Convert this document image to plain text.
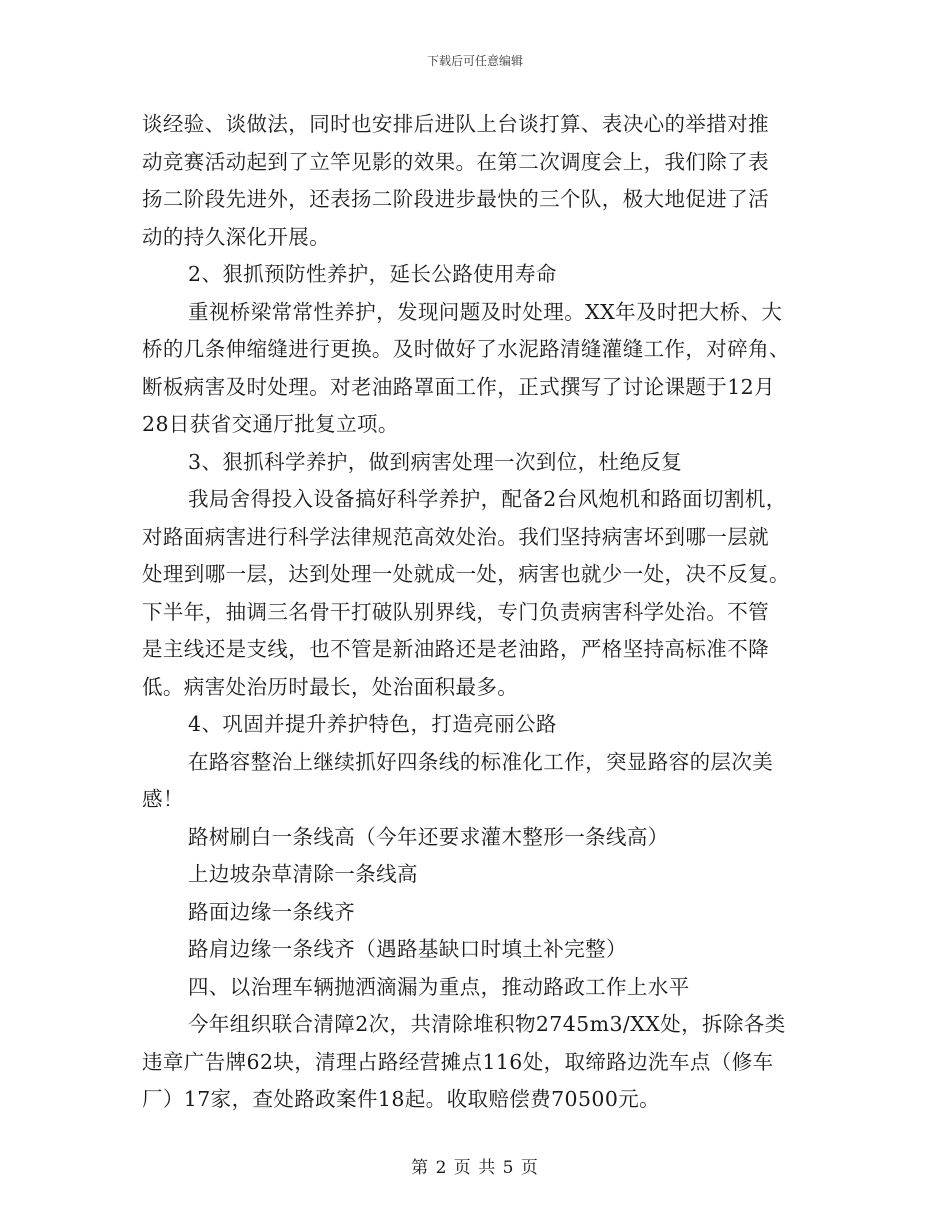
下载后可任意编辑
谈经验、谈做法，同时也安排后进队上台谈打算、表决心的举措对推
动竞赛活动起到了立竿见影的效果。在第二次调度会上，我们除了表
扬二阶段先进外，还表扬二阶段进步最快的三个队，极大地促进了活
动的持久深化开展。
2、狠抓预防性养护，延长公路使用寿命
重视桥梁常常性养护，发现问题及时处理。XX年及时把大桥、大
桥的几条伸缩缝进行更换。及时做好了水泥路清缝灌缝工作，对碎角、
断板病害及时处理。对老油路罩面工作，正式撰写了讨论课题于12月
28日获省交通厅批复立项。
3、狠抓科学养护，做到病害处理一次到位，杜绝反复
我局舍得投入设备搞好科学养护，配备2台风炮机和路面切割机，
对路面病害进行科学法律规范高效处治。我们坚持病害坏到哪一层就
处理到哪一层，达到处理一处就成一处，病害也就少一处，决不反复。
下半年，抽调三名骨干打破队别界线，专门负责病害科学处治。不管
是主线还是支线，也不管是新油路还是老油路，严格坚持高标准不降
低。病害处治历时最长，处治面积最多。
4、巩固并提升养护特色，打造亮丽公路
在路容整治上继续抓好四条线的标准化工作，突显路容的层次美
感！
路树刷白一条线高（今年还要求灌木整形一条线高）
上边坡杂草清除一条线高
路面边缘一条线齐
路肩边缘一条线齐（遇路基缺口时填土补完整）
四、以治理车辆抛洒滴漏为重点，推动路政工作上水平
今年组织联合清障2次，共清除堆积物2745m3/XX处，拆除各类
违章广告牌62块，清理占路经营摊点116处，取缔路边洗车点（修车
厂）17家，查处路政案件18起。收取赔偿费70500元。
第 2 页 共 5 页
